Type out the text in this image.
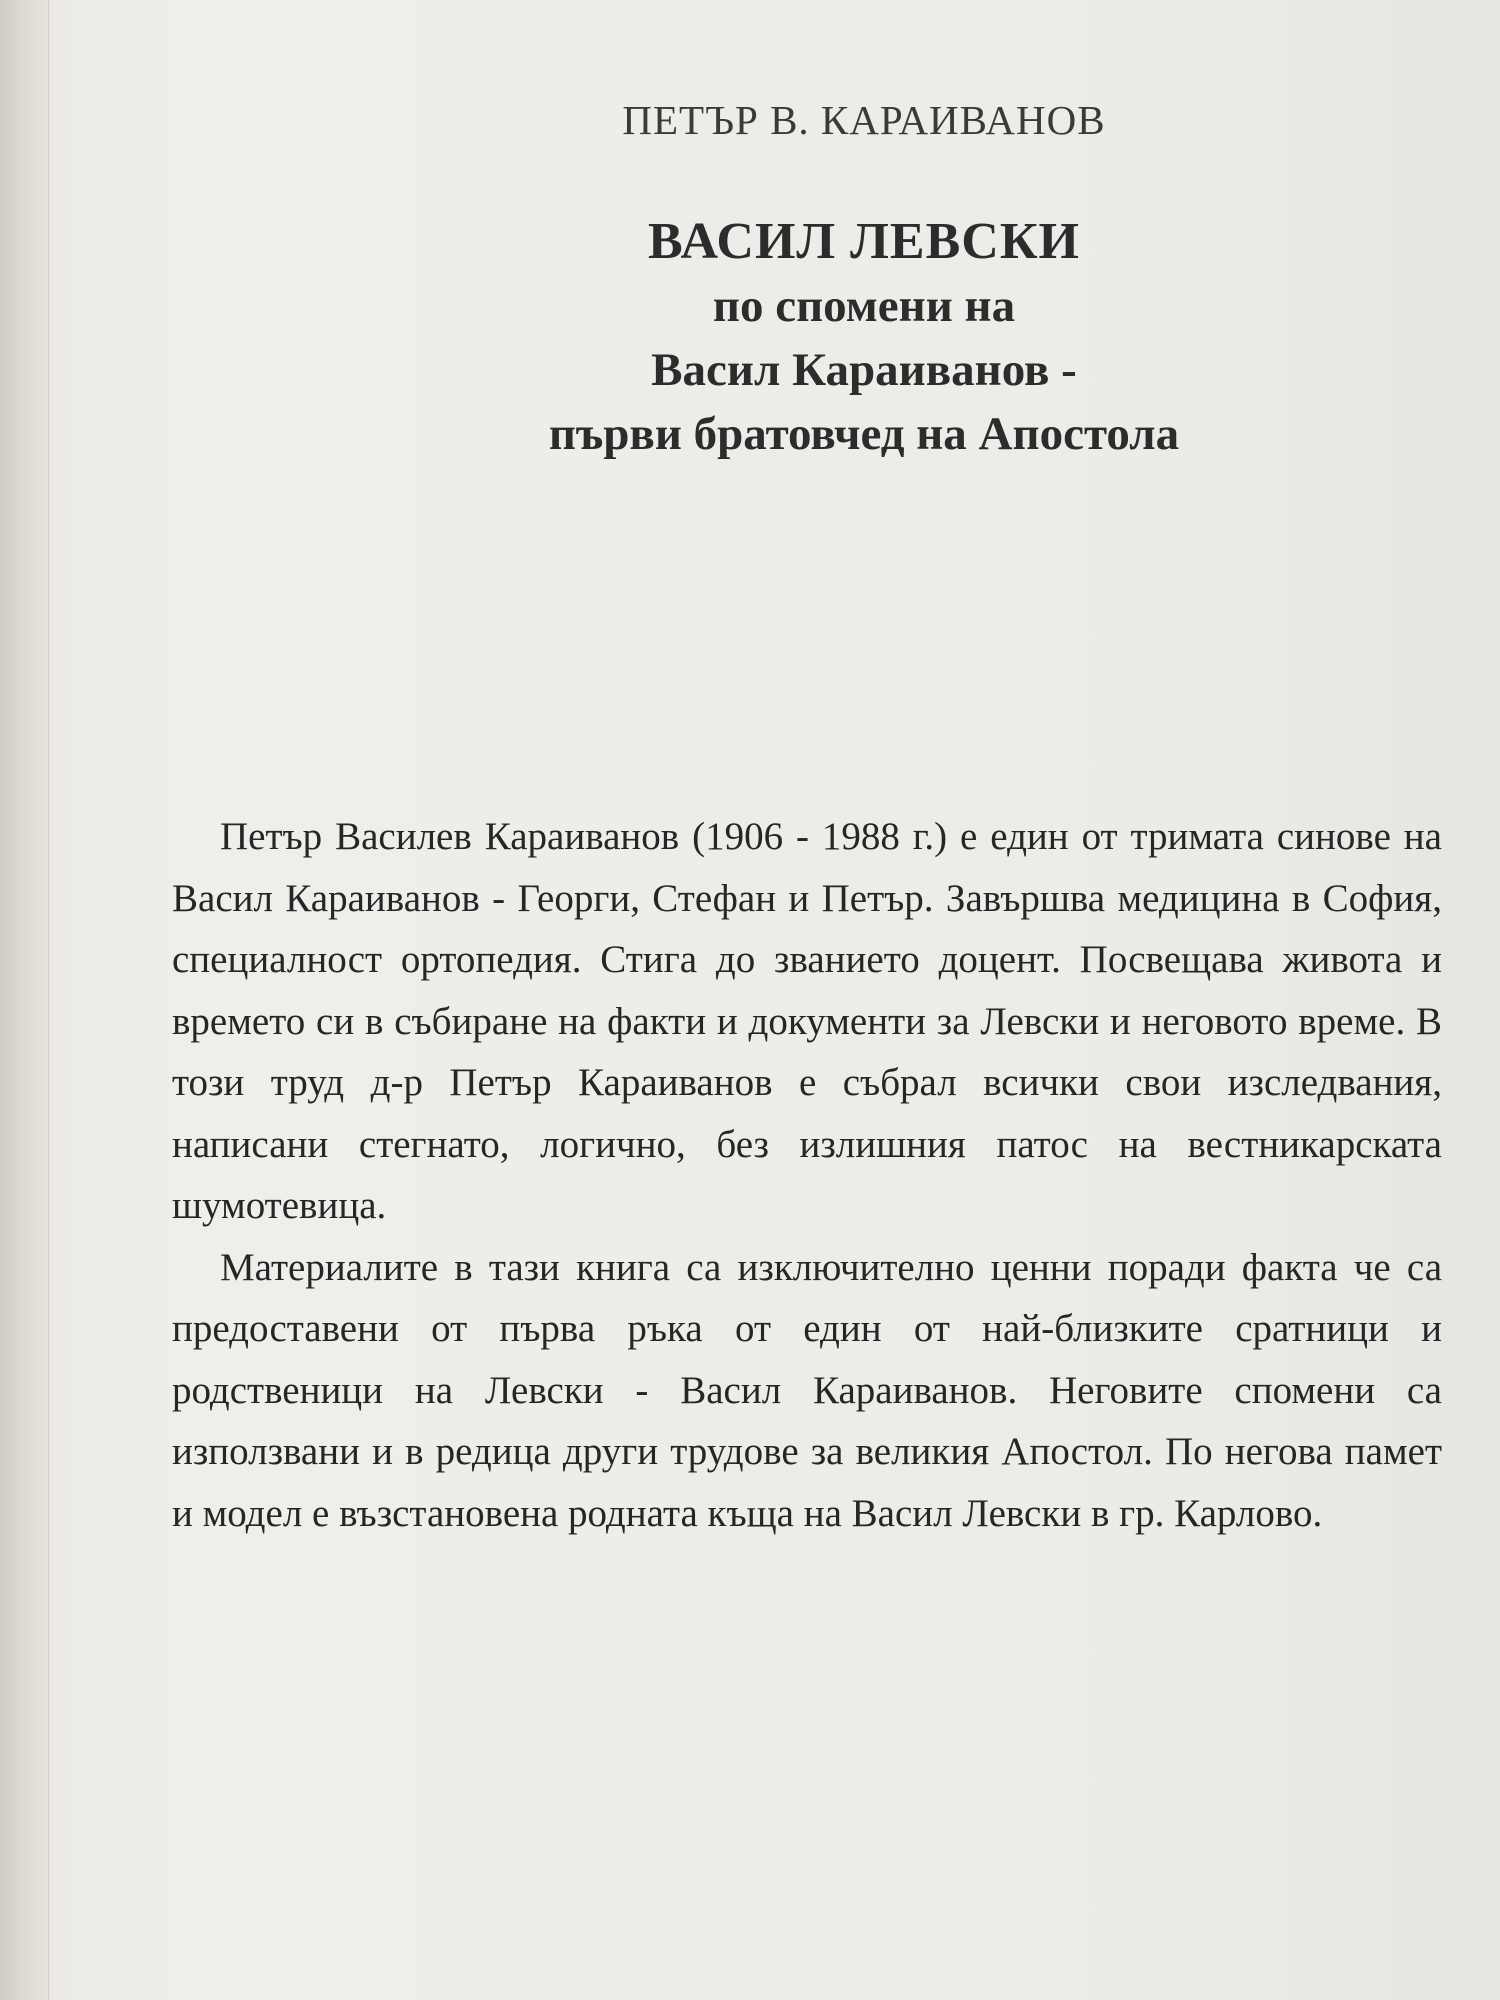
ПЕТЪР В. КАРАИВАНОВ
ВАСИЛ ЛЕВСКИ
по спомени на
Васил Караиванов -
първи братовчед на Апостола

Петър Василев Караиванов (1906 - 1988 г.) е един от тримата синове на Васил Караиванов - Георги, Стефан и Петър. Завършва медицина в София, специалност ортопедия. Стига до званието доцент. Посвещава живота и времето си в събиране на факти и документи за Левски и неговото време. В този труд д-р Петър Караиванов е събрал всички свои изследвания, написани стегнато, логично, без излишния патос на вестникарската шумотевица.

Материалите в тази книга са изключително ценни поради факта че са предоставени от първа ръка от един от най-близките сратници и родственици на Левски - Васил Караиванов. Неговите спомени са използвани и в редица други трудове за великия Апостол. По негова памет и модел е възстановена родната къща на Васил Левски в гр. Карлово.
